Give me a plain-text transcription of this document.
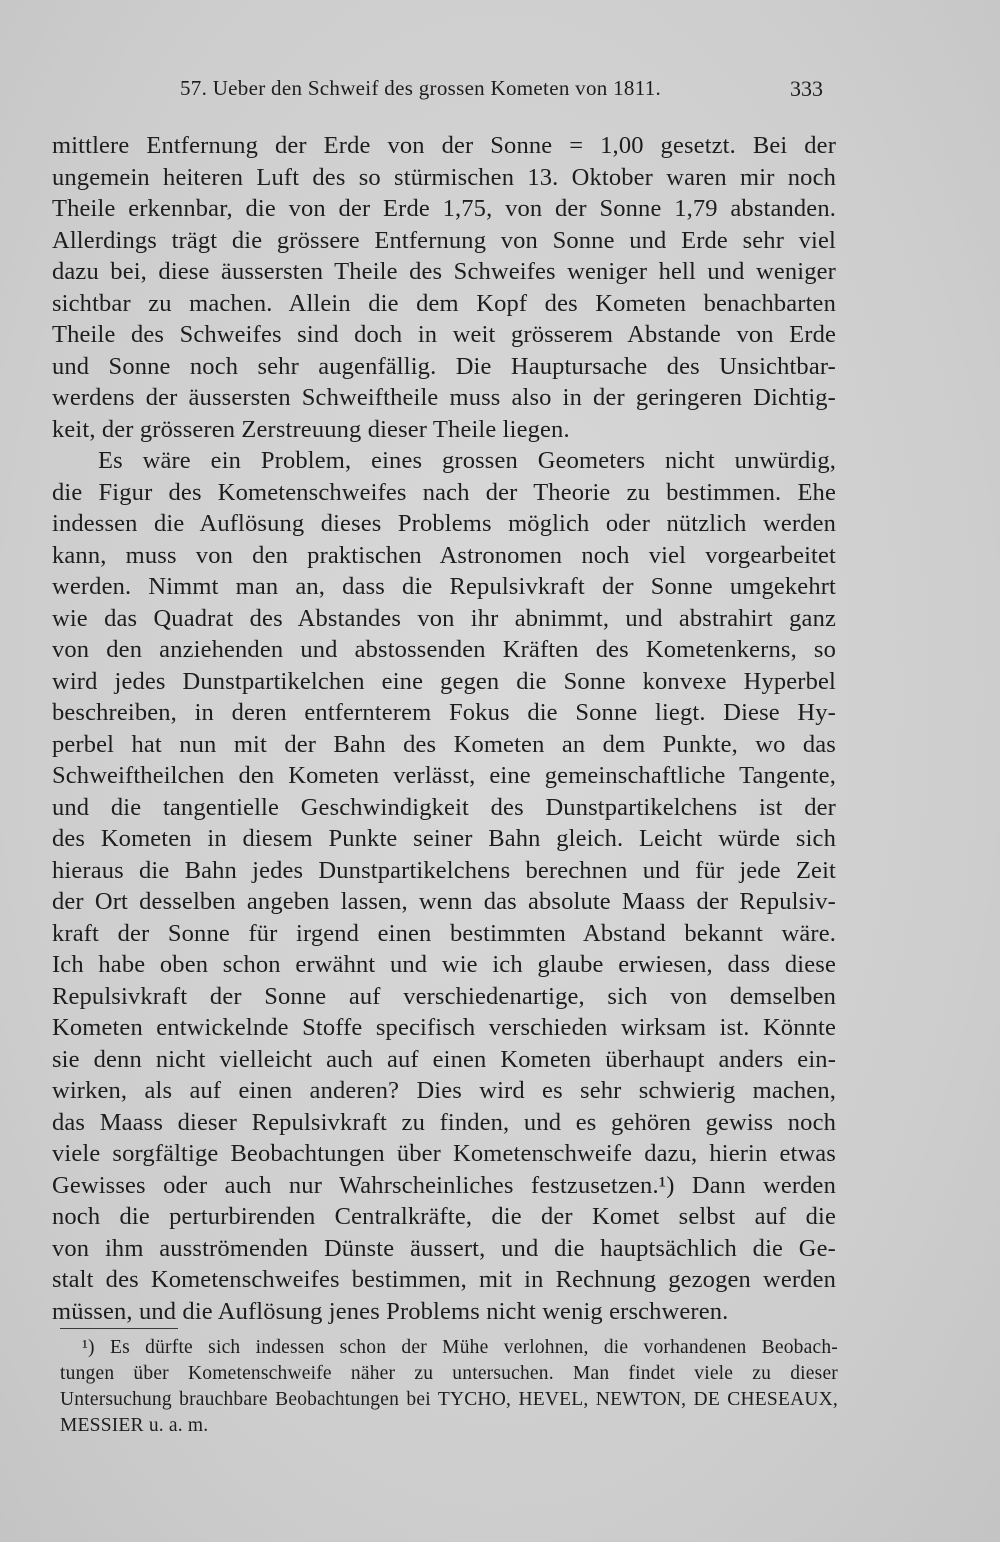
57. Ueber den Schweif des grossen Kometen von 1811.	333
mittlere Entfernung der Erde von der Sonne = 1,00 gesetzt. Bei der
ungemein heiteren Luft des so stürmischen 13. Oktober waren mir noch
Theile erkennbar, die von der Erde 1,75, von der Sonne 1,79 abstanden.
Allerdings trägt die grössere Entfernung von Sonne und Erde sehr viel
dazu bei, diese äussersten Theile des Schweifes weniger hell und weniger
sichtbar zu machen. Allein die dem Kopf des Kometen benachbarten
Theile des Schweifes sind doch in weit grösserem Abstande von Erde
und Sonne noch sehr augenfällig. Die Hauptursache des Unsichtbar-
werdens der äussersten Schweiftheile muss also in der geringeren Dichtig-
keit, der grösseren Zerstreuung dieser Theile liegen.
Es wäre ein Problem, eines grossen Geometers nicht unwürdig,
die Figur des Kometenschweifes nach der Theorie zu bestimmen. Ehe
indessen die Auflösung dieses Problems möglich oder nützlich werden
kann, muss von den praktischen Astronomen noch viel vorgearbeitet
werden. Nimmt man an, dass die Repulsivkraft der Sonne umgekehrt
wie das Quadrat des Abstandes von ihr abnimmt, und abstrahirt ganz
von den anziehenden und abstossenden Kräften des Kometenkerns, so
wird jedes Dunstpartikelchen eine gegen die Sonne konvexe Hyperbel
beschreiben, in deren entfernterem Fokus die Sonne liegt. Diese Hy-
perbel hat nun mit der Bahn des Kometen an dem Punkte, wo das
Schweiftheilchen den Kometen verlässt, eine gemeinschaftliche Tangente,
und die tangentielle Geschwindigkeit des Dunstpartikelchens ist der
des Kometen in diesem Punkte seiner Bahn gleich. Leicht würde sich
hieraus die Bahn jedes Dunstpartikelchens berechnen und für jede Zeit
der Ort desselben angeben lassen, wenn das absolute Maass der Repulsiv-
kraft der Sonne für irgend einen bestimmten Abstand bekannt wäre.
Ich habe oben schon erwähnt und wie ich glaube erwiesen, dass diese
Repulsivkraft der Sonne auf verschiedenartige, sich von demselben
Kometen entwickelnde Stoffe specifisch verschieden wirksam ist. Könnte
sie denn nicht vielleicht auch auf einen Kometen überhaupt anders ein-
wirken, als auf einen anderen? Dies wird es sehr schwierig machen,
das Maass dieser Repulsivkraft zu finden, und es gehören gewiss noch
viele sorgfältige Beobachtungen über Kometenschweife dazu, hierin etwas
Gewisses oder auch nur Wahrscheinliches festzusetzen.¹) Dann werden
noch die perturbirenden Centralkräfte, die der Komet selbst auf die
von ihm ausströmenden Dünste äussert, und die hauptsächlich die Ge-
stalt des Kometenschweifes bestimmen, mit in Rechnung gezogen werden
müssen, und die Auflösung jenes Problems nicht wenig erschweren.
¹) Es dürfte sich indessen schon der Mühe verlohnen, die vorhandenen Beobach-
tungen über Kometenschweife näher zu untersuchen. Man findet viele zu dieser
Untersuchung brauchbare Beobachtungen bei TYCHO, HEVEL, NEWTON, DE CHESEAUX,
MESSIER u. a. m.
